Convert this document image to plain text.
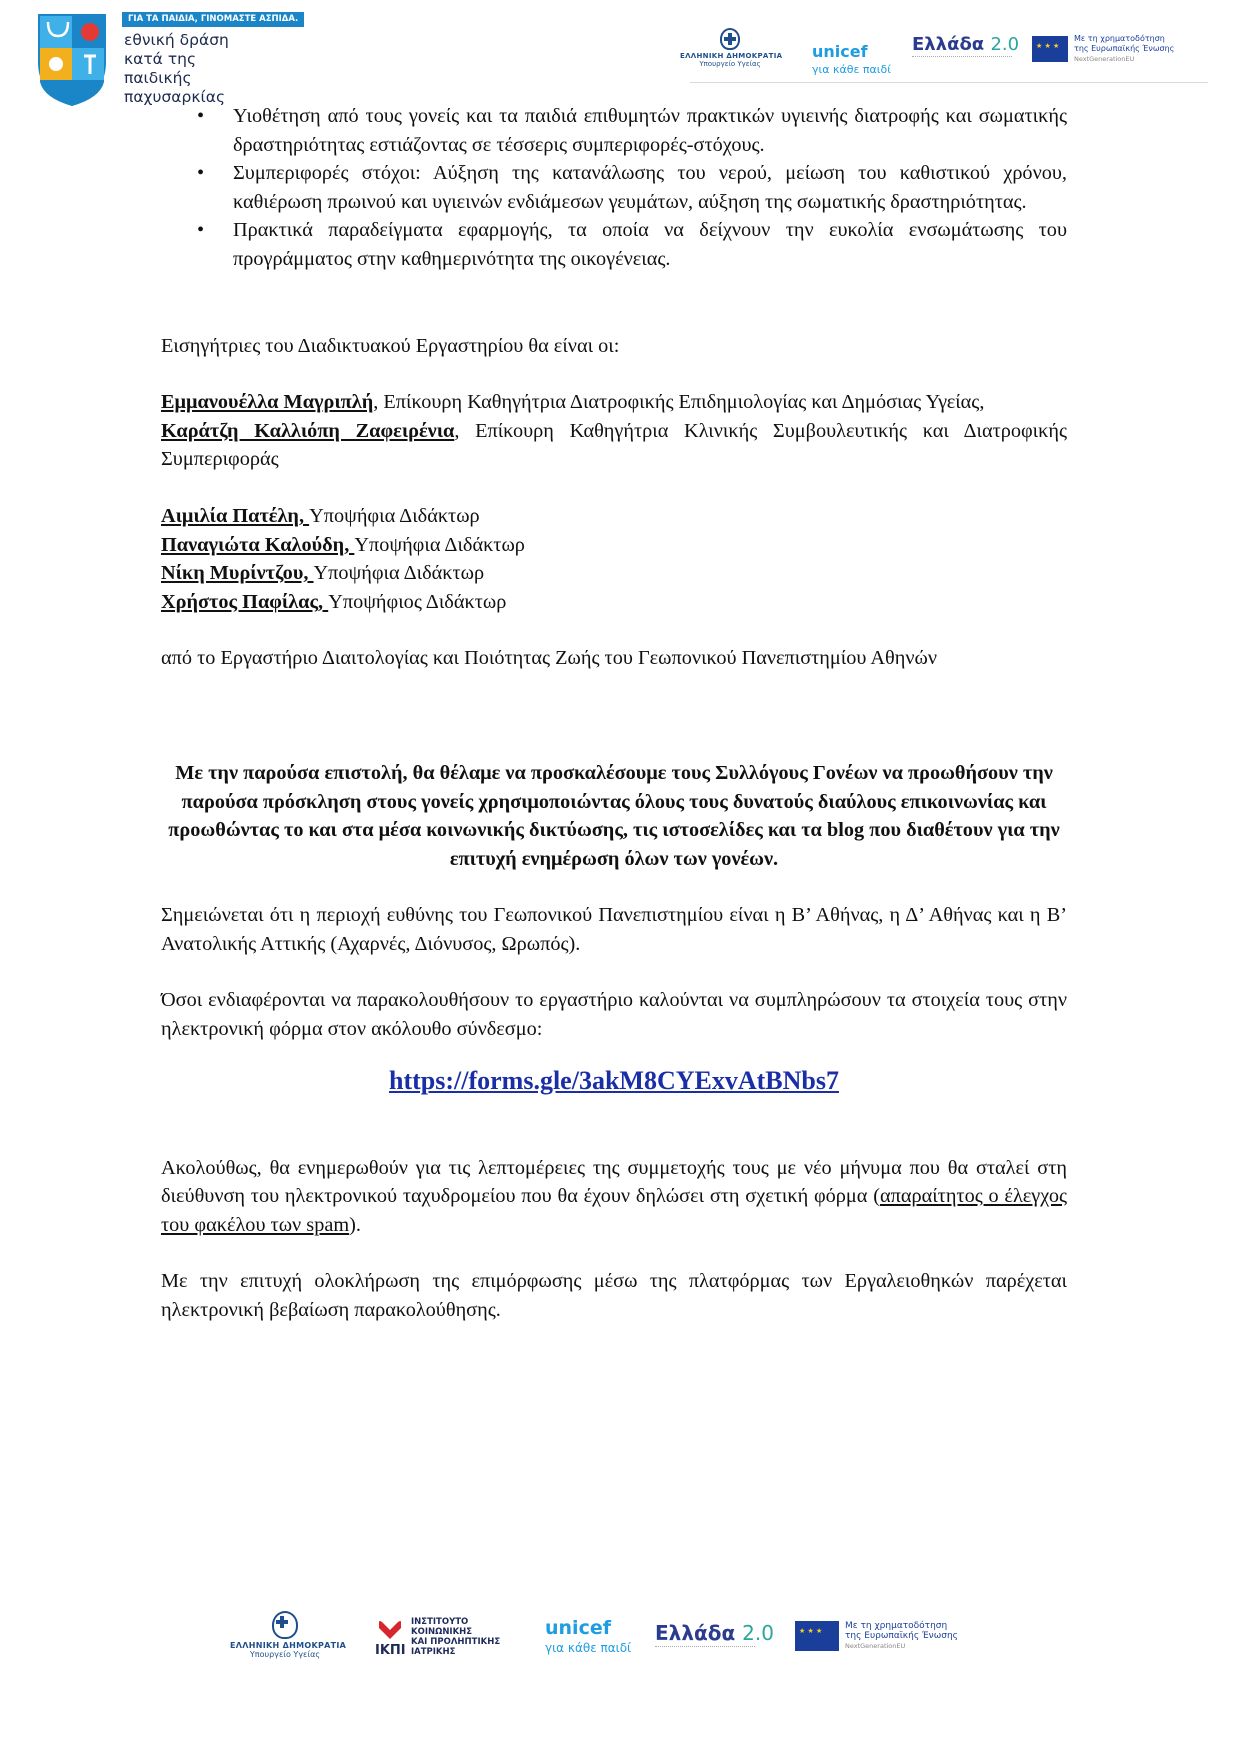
ΓΙΑ ΤΑ ΠΑΙΔΙΑ, ΓΙΝΟΜΑΣΤΕ ΑΣΠΙΔΑ.
εθνική δράση
κατά της
παιδικής
παχυσαρκίας
ΕΛΛΗΝΙΚΗ ΔΗΜΟΚΡΑΤΙΑ
Υπουργείο Υγείας
unicef
για κάθε παιδί
Ελλάδα 2.0 ★ ★ ★	Με τη χρηματοδότηση
της Ευρωπαϊκής Ένωσης
NextGenerationEU
• Υιοθέτηση από τους γονείς και τα παιδιά επιθυμητών πρακτικών υγιεινής διατροφής και σωματικής δραστηριότητας εστιάζοντας σε τέσσερις συμπεριφορές-στόχους.
• Συμπεριφορές στόχοι: Αύξηση της κατανάλωσης του νερού, μείωση του καθιστικού χρόνου, καθιέρωση πρωινού και υγιεινών ενδιάμεσων γευμάτων, αύξηση της σωματικής δραστηριότητας.
• Πρακτικά παραδείγματα εφαρμογής, τα οποία να δείχνουν την ευκολία ενσωμάτωσης του προγράμματος στην καθημερινότητα της οικογένειας.

Εισηγήτριες του Διαδικτυακού Εργαστηρίου θα είναι οι:

Εμμανουέλλα Μαγριπλή, Επίκουρη Καθηγήτρια Διατροφικής Επιδημιολογίας και Δημόσιας Υγείας,

Καράτζη Καλλιόπη Ζαφειρένια, Επίκουρη Καθηγήτρια Κλινικής Συμβουλευτικής και Διατροφικής Συμπεριφοράς

Αιμιλία Πατέλη, Υποψήφια Διδάκτωρ

Παναγιώτα Καλούδη, Υποψήφια Διδάκτωρ

Νίκη Μυρίντζου, Υποψήφια Διδάκτωρ

Χρήστος Παφίλας, Υποψήφιος Διδάκτωρ

από το Εργαστήριο Διαιτολογίας και Ποιότητας Ζωής του Γεωπονικού Πανεπιστημίου Αθηνών

Με την παρούσα επιστολή, θα θέλαμε να προσκαλέσουμε τους Συλλόγους Γονέων να προωθήσουν την παρούσα πρόσκληση στους γονείς χρησιμοποιώντας όλους τους δυνατούς διαύλους επικοινωνίας και προωθώντας το και στα μέσα κοινωνικής δικτύωσης, τις ιστοσελίδες και τα blog που διαθέτουν για την επιτυχή ενημέρωση όλων των γονέων.

Σημειώνεται ότι η περιοχή ευθύνης του Γεωπονικού Πανεπιστημίου είναι η Β’ Αθήνας, η Δ’ Αθήνας και η Β’ Ανατολικής Αττικής (Αχαρνές, Διόνυσος, Ωρωπός).

Όσοι ενδιαφέρονται να παρακολουθήσουν το εργαστήριο καλούνται να συμπληρώσουν τα στοιχεία τους στην ηλεκτρονική φόρμα στον ακόλουθο σύνδεσμο:

https://forms.gle/3akM8CYExvAtBNbs7

Ακολούθως, θα ενημερωθούν για τις λεπτομέρειες της συμμετοχής τους με νέο μήνυμα που θα σταλεί στη διεύθυνση του ηλεκτρονικού ταχυδρομείου που θα έχουν δηλώσει στη σχετική φόρμα (απαραίτητος ο έλεγχος του φακέλου των spam).

Με την επιτυχή ολοκλήρωση της επιμόρφωσης μέσω της πλατφόρμας των Εργαλειοθηκών παρέχεται ηλεκτρονική βεβαίωση παρακολούθησης.

ΕΛΛΗΝΙΚΗ ΔΗΜΟΚΡΑΤΙΑ
Υπουργείο Υγείας
ΙΝΣΤΙΤΟΥΤΟ
ΚΟΙΝΩΝΙΚΗΣ
ΚΑΙ ΠΡΟΛΗΠΤΙΚΗΣ
ΙΑΤΡΙΚΗΣ
ΙΚΠΙ
unicef
για κάθε παιδί
Ελλάδα 2.0 ★ ★ ★	Με τη χρηματοδότηση
της Ευρωπαϊκής Ένωσης
NextGenerationEU
